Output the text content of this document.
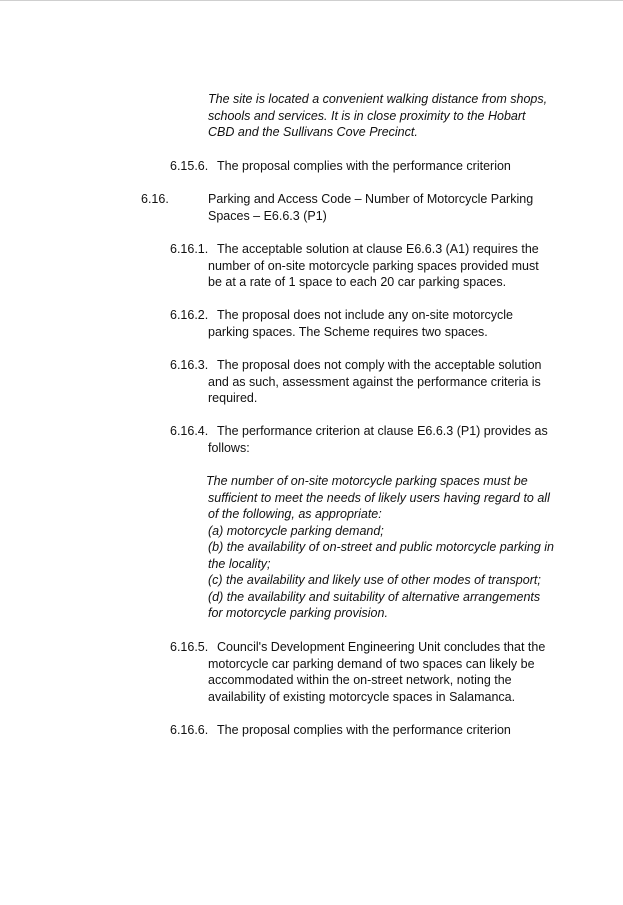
The site is located a convenient walking distance from shops,
schools and services. It is in close proximity to the Hobart
CBD and the Sullivans Cove Precinct.
6.15.6. The proposal complies with the performance criterion
6.16.	Parking and Access Code – Number of Motorcycle Parking
Spaces – E6.6.3 (P1)
6.16.1. The acceptable solution at clause E6.6.3 (A1) requires the
number of on-site motorcycle parking spaces provided must
be at a rate of 1 space to each 20 car parking spaces.
6.16.2. The proposal does not include any on-site motorcycle
parking spaces. The Scheme requires two spaces.
6.16.3. The proposal does not comply with the acceptable solution
and as such, assessment against the performance criteria is
required.
6.16.4. The performance criterion at clause E6.6.3 (P1) provides as
follows:
The number of on-site motorcycle parking spaces must be
sufficient to meet the needs of likely users having regard to all
of the following, as appropriate:
(a) motorcycle parking demand;
(b) the availability of on-street and public motorcycle parking in
the locality;
(c) the availability and likely use of other modes of transport;
(d) the availability and suitability of alternative arrangements
for motorcycle parking provision.
6.16.5. Council's Development Engineering Unit concludes that the
motorcycle car parking demand of two spaces can likely be
accommodated within the on-street network, noting the
availability of existing motorcycle spaces in Salamanca.
6.16.6. The proposal complies with the performance criterion
